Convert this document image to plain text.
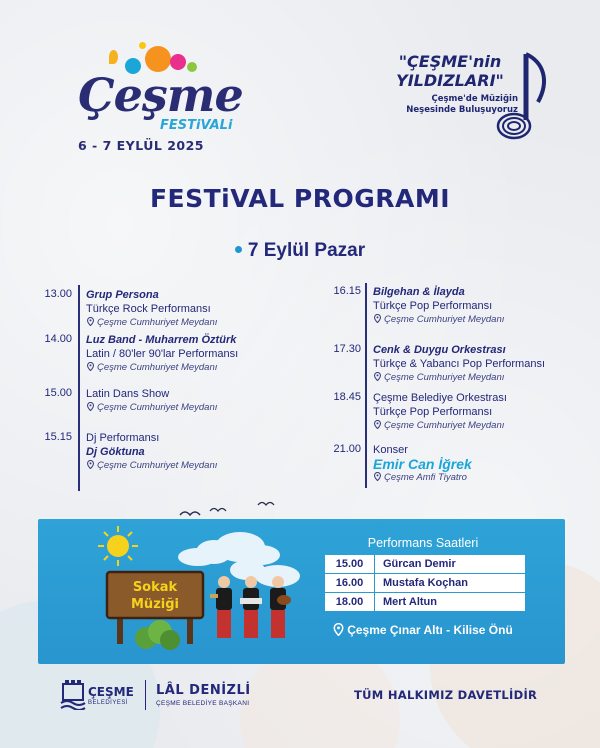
Çeşme
FESTiVALi
6 - 7 EYLÜL 2025
"ÇEŞME'nin
YILDIZLARI"
Çeşme'de Müziğin
Neşesinde Buluşuyoruz
FESTiVAL PROGRAMI
7 Eylül Pazar
13.00 Grup Persona
Türkçe Rock Performansı
Çeşme Cumhuriyet Meydanı
14.00 Luz Band - Muharrem Öztürk
Latin / 80'ler 90'lar Performansı
Çeşme Cumhuriyet Meydanı
15.00 Latin Dans Show
Çeşme Cumhuriyet Meydanı
15.15 Dj Performansı
Dj Göktuna
Çeşme Cumhuriyet Meydanı
16.15 Bilgehan & İlayda
Türkçe Pop Performansı
Çeşme Cumhuriyet Meydanı
17.30 Cenk & Duygu Orkestrası
Türkçe & Yabancı Pop Performansı
Çeşme Cumhuriyet Meydanı
18.45 Çeşme Belediye Orkestrası
Türkçe Pop Performansı
Çeşme Cumhuriyet Meydanı
21.00 Konser
Emir Can İğrek
Çeşme Amfi Tiyatro
Sokak
Müziği
Performans Saatleri
15.00	Gürcan Demir
16.00	Mustafa Koçhan
18.00	Mert Altun
Çeşme Çınar Altı - Kilise Önü
ÇEŞME
BELEDİYESİ
LÂL DENİZLİ
ÇEŞME BELEDİYE BAŞKANI
TÜM HALKIMIZ DAVETLİDİR
